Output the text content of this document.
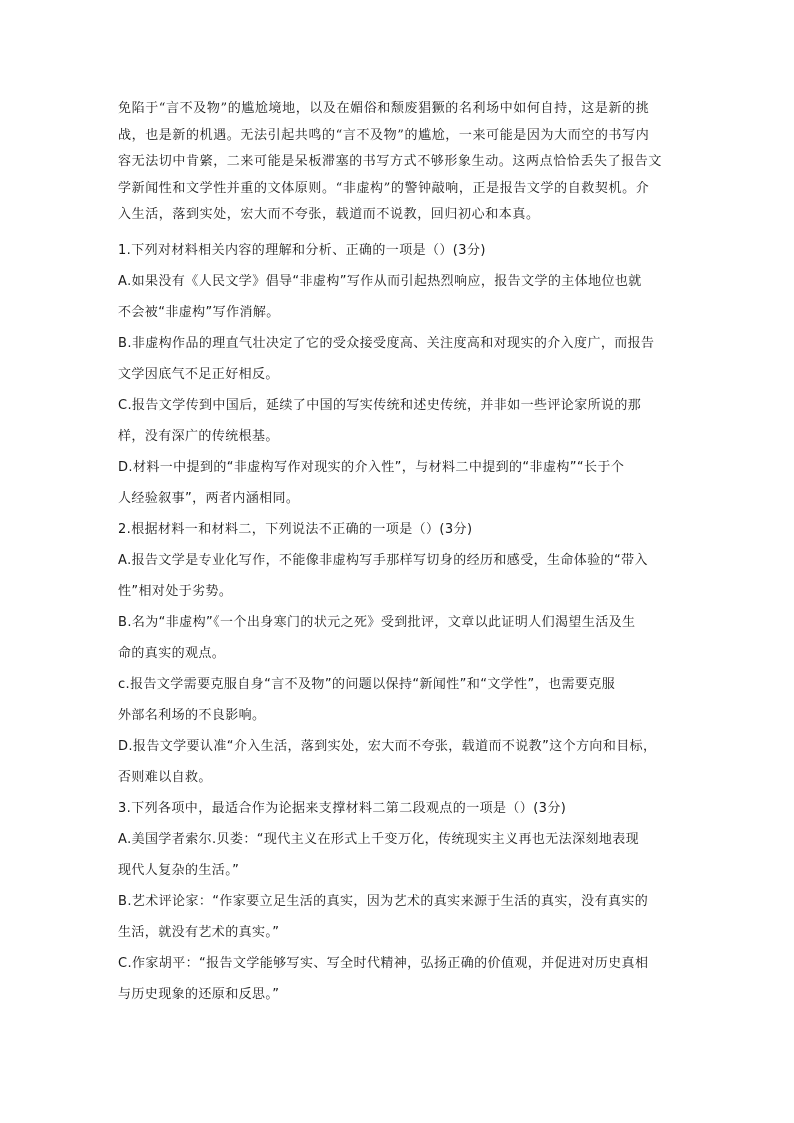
免陷于“言不及物”的尴尬境地，以及在媚俗和颓废猖獗的名利场中如何自持，这是新的挑

战，也是新的机遇。无法引起共鸣的“言不及物”的尴尬，一来可能是因为大而空的书写内

容无法切中肯綮，二来可能是呆板滞塞的书写方式不够形象生动。这两点恰恰丢失了报告文

学新闻性和文学性并重的文体原则。“非虚构”的警钟敲响，正是报告文学的自救契机。介

入生活，落到实处，宏大而不夸张，载道而不说教，回归初心和本真。

1.下列对材料相关内容的理解和分析、正确的一项是（）(3分)

A.如果没有《人民文学》倡导“非虚构”写作从而引起热烈响应，报告文学的主体地位也就

不会被“非虚构”写作消解。

B.非虚构作品的理直气壮决定了它的受众接受度高、关注度高和对现实的介入度广，而报告

文学因底气不足正好相反。

C.报告文学传到中国后，延续了中国的写实传统和述史传统，并非如一些评论家所说的那

样，没有深广的传统根基。

D.材料一中提到的“非虚构写作对现实的介入性”，与材料二中提到的“非虚构”“长于个

人经验叙事”，两者内涵相同。

2.根据材料一和材料二，下列说法不正确的一项是（）(3分)

A.报告文学是专业化写作，不能像非虚构写手那样写切身的经历和感受，生命体验的“带入

性”相对处于劣势。

B.名为“非虚构”《一个出身寒门的状元之死》受到批评，文章以此证明人们渴望生活及生

命的真实的观点。

c.报告文学需要克服自身“言不及物”的问题以保持“新闻性”和“文学性”，也需要克服

外部名利场的不良影响。

D.报告文学要认准“介入生活，落到实处，宏大而不夸张，载道而不说教”这个方向和目标，

否则难以自救。

3.下列各项中，最适合作为论据来支撑材料二第二段观点的一项是（）(3分)

A.美国学者索尔.贝娄：“现代主义在形式上千变万化，传统现实主义再也无法深刻地表现

现代人复杂的生活。”

B.艺术评论家：“作家要立足生活的真实，因为艺术的真实来源于生活的真实，没有真实的

生活，就没有艺术的真实。”

C.作家胡平：“报告文学能够写实、写全时代精神，弘扬正确的价值观，并促进对历史真相

与历史现象的还原和反思。”
